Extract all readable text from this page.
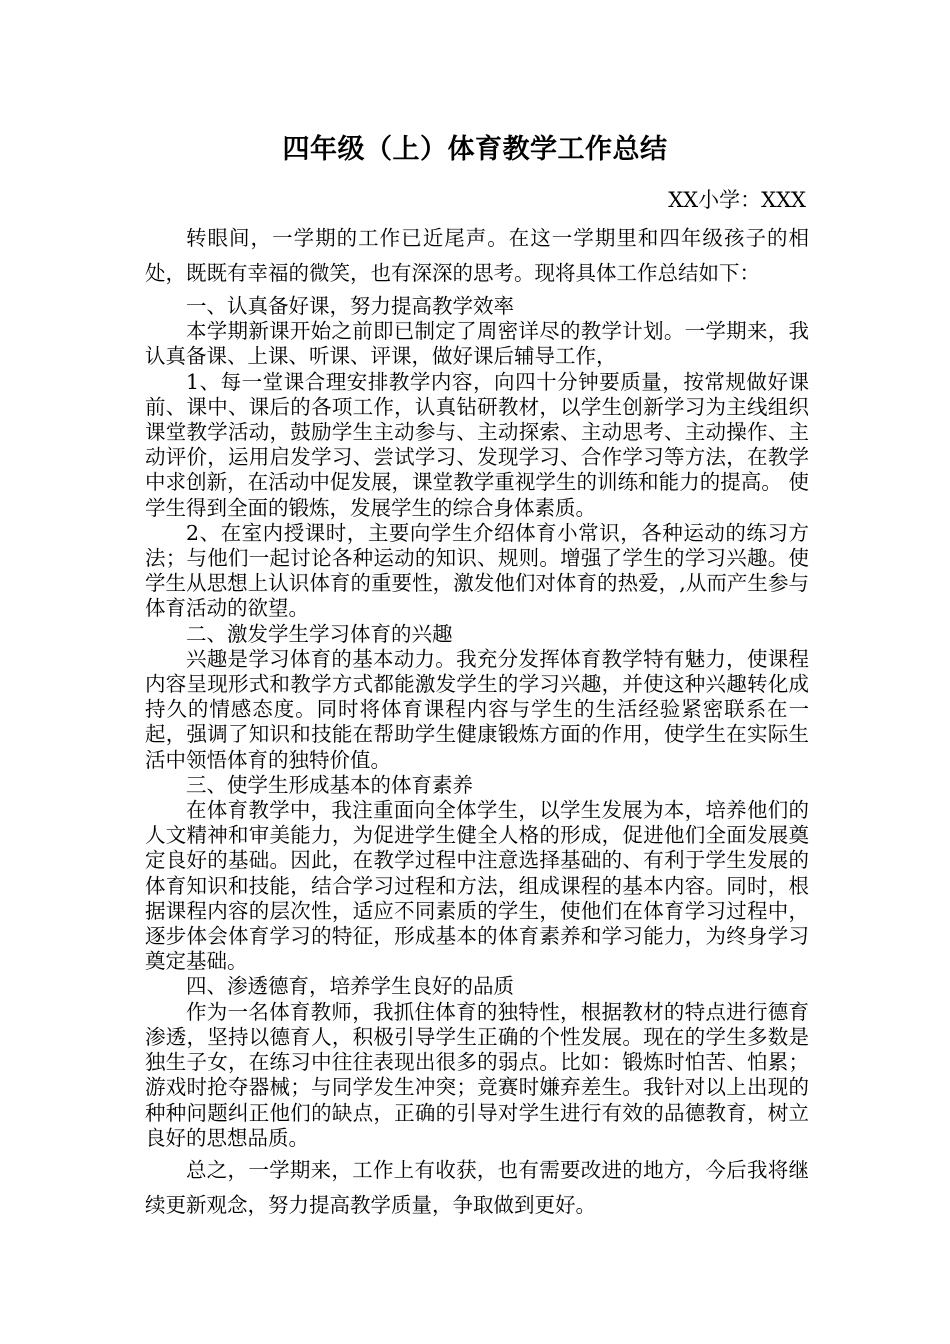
四年级（上）体育教学工作总结
XX小学：XXX

转眼间，一学期的工作已近尾声。在这一学期里和四年级孩子的相处，既既有幸福的微笑，也有深深的思考。现将具体工作总结如下：

一、认真备好课，努力提高教学效率

本学期新课开始之前即已制定了周密详尽的教学计划。一学期来，我认真备课、上课、听课、评课，做好课后辅导工作，

1、每一堂课合理安排教学内容，向四十分钟要质量，按常规做好课前、课中、课后的各项工作，认真钻研教材，以学生创新学习为主线组织课堂教学活动，鼓励学生主动参与、主动探索、主动思考、主动操作、主动评价，运用启发学习、尝试学习、发现学习、合作学习等方法，在教学中求创新，在活动中促发展，课堂教学重视学生的训练和能力的提高。 使学生得到全面的锻炼，发展学生的综合身体素质。

2、在室内授课时，主要向学生介绍体育小常识，各种运动的练习方法；与他们一起讨论各种运动的知识、规则。增强了学生的学习兴趣。使学生从思想上认识体育的重要性，激发他们对体育的热爱，,从而产生参与体育活动的欲望。

二、激发学生学习体育的兴趣

兴趣是学习体育的基本动力。我充分发挥体育教学特有魅力，使课程内容呈现形式和教学方式都能激发学生的学习兴趣，并使这种兴趣转化成持久的情感态度。同时将体育课程内容与学生的生活经验紧密联系在一起，强调了知识和技能在帮助学生健康锻炼方面的作用，使学生在实际生活中领悟体育的独特价值。

三、使学生形成基本的体育素养

在体育教学中，我注重面向全体学生，以学生发展为本，培养他们的人文精神和审美能力，为促进学生健全人格的形成，促进他们全面发展奠定良好的基础。因此，在教学过程中注意选择基础的、有利于学生发展的体育知识和技能，结合学习过程和方法，组成课程的基本内容。同时，根据课程内容的层次性，适应不同素质的学生，使他们在体育学习过程中，逐步体会体育学习的特征，形成基本的体育素养和学习能力，为终身学习奠定基础。

四、渗透德育，培养学生良好的品质

作为一名体育教师，我抓住体育的独特性，根据教材的特点进行德育渗透，坚持以德育人，积极引导学生正确的个性发展。现在的学生多数是独生子女，在练习中往往表现出很多的弱点。比如：锻炼时怕苦、怕累；游戏时抢夺器械；与同学发生冲突；竞赛时嫌弃差生。我针对以上出现的种种问题纠正他们的缺点，正确的引导对学生进行有效的品德教育，树立良好的思想品质。

总之，一学期来，工作上有收获，也有需要改进的地方，今后我将继续更新观念，努力提高教学质量，争取做到更好。
